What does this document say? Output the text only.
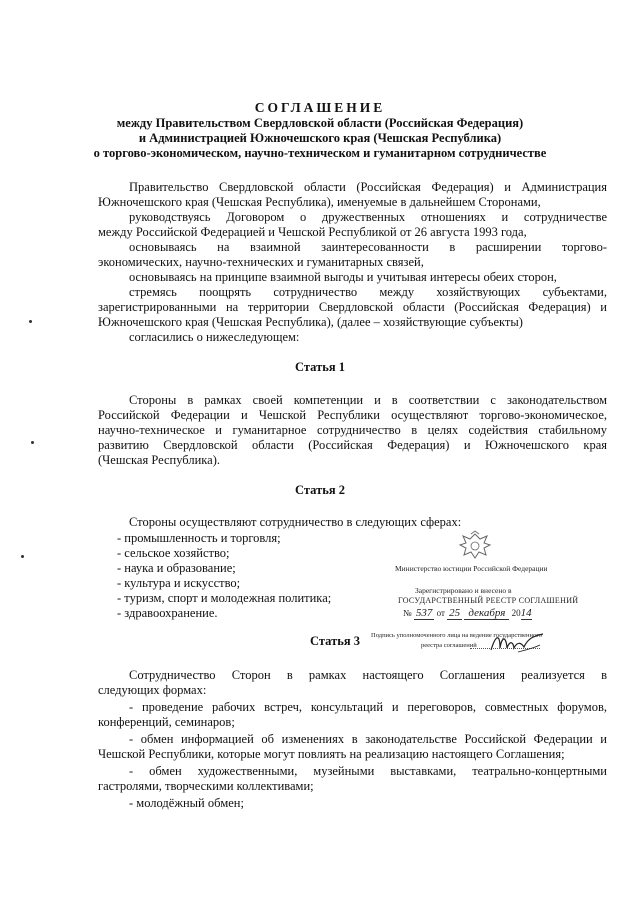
СОГЛАШЕНИЕ
между Правительством Свердловской области (Российская Федерация)
и Администрацией Южночешского края (Чешская Республика)
о торгово-экономическом, научно-техническом и гуманитарном сотрудничестве
Правительство Свердловской области (Российская Федерация) и Администрация
Южночешского края (Чешская Республика), именуемые в дальнейшем Сторонами,
руководствуясь Договором о дружественных отношениях и сотрудничестве
между Российской Федерацией и Чешской Республикой от 26 августа 1993 года,
основываясь на взаимной заинтересованности в расширении торгово-
экономических, научно-технических и гуманитарных связей,
основываясь на принципе взаимной выгоды и учитывая интересы обеих сторон,
стремясь поощрять сотрудничество между хозяйствующих субъектами,
зарегистрированными на территории Свердловской области (Российская Федерация) и
Южночешского края (Чешская Республика), (далее – хозяйствующие субъекты)
согласились о нижеследующем:
Статья 1
Стороны в рамках своей компетенции и в соответствии с законодательством
Российской Федерации и Чешской Республики осуществляют торгово-экономическое,
научно-техническое и гуманитарное сотрудничество в целях содействия стабильному
развитию Свердловской области (Российская Федерация) и Южночешского края
(Чешская Республика).
Статья 2
Стороны осуществляют сотрудничество в следующих сферах:
- промышленность и торговля;
- сельское хозяйство;
- наука и образование;
- культура и искусство;
- туризм, спорт и молодежная политика;
- здравоохранение.
Министерство юстиции Российской Федерации
Зарегистрировано и внесено в
ГОСУДАРСТВЕННЫЙ РЕЕСТР СОГЛАШЕНИЙ
№ 537 от 25 декабря 2014
Подпись уполномоченного лица на ведение государственного
реестра соглашений
Статья 3
Сотрудничество Сторон в рамках настоящего Соглашения реализуется в
следующих формах:
- проведение рабочих встреч, консультаций и переговоров, совместных форумов,
конференций, семинаров;
- обмен информацией об изменениях в законодательстве Российской Федерации и
Чешской Республики, которые могут повлиять на реализацию настоящего Соглашения;
- обмен художественными, музейными выставками, театрально-концертными
гастролями, творческими коллективами;
- молодёжный обмен;
